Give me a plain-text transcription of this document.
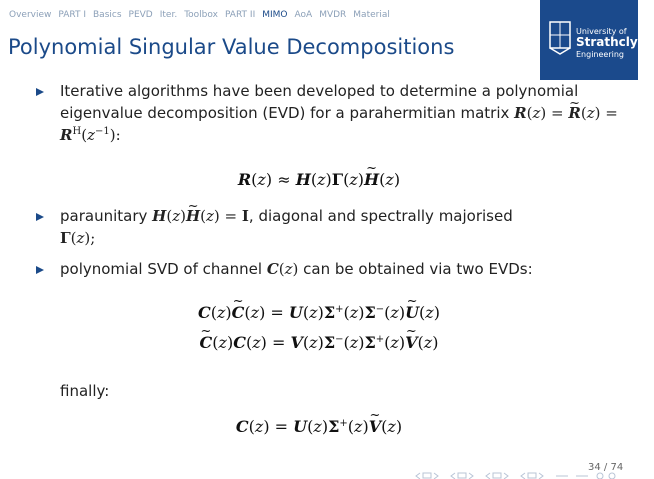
Overview PART I Basics PEVD Iter. Toolbox PART II MIMO AoA MVDR Material
Polynomial Singular Value Decompositions
University of
Strathclyde
Engineering
Iterative algorithms have been developed to determine a polynomial eigenvalue decomposition (EVD) for a parahermitian matrix R(z) = ~ $R(z) = R^H(z^{-1})$:
R(z) ≈ H(z)Γ(z)~ H(z)
paraunitary H(z)~ H(z) = I, diagonal and spectrally majorised
Γ(z);
polynomial SVD of channel C(z) can be obtained via two EVDs:
C(z)~ C(z) = U(z)Σ+(z)Σ−(z)~ U(z)
~ C(z)C(z) = V(z)Σ−(z)Σ+(z)~ V(z)
finally:
C(z) = U(z)Σ+(z)~ V(z)
34 / 74
